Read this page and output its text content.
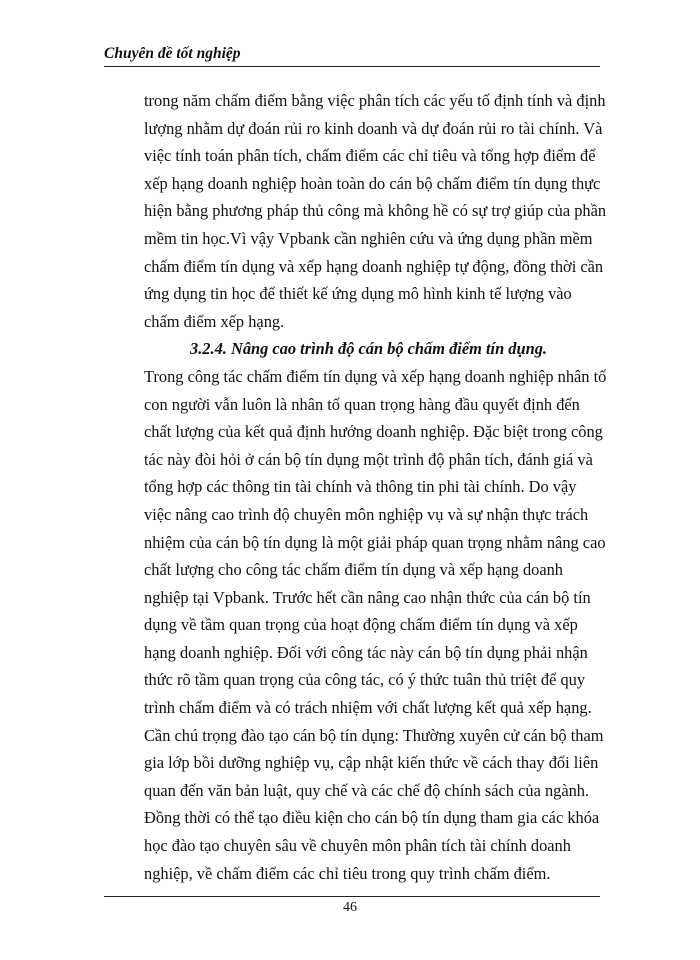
Chuyên đề tốt nghiệp
trong năm chấm điểm bằng việc phân tích các yếu tố định tính và định
lượng nhằm dự đoán rủi ro kinh doanh và dự đoán rủi ro tài chính. Và
việc tính toán phân tích, chấm điểm các chỉ tiêu và tổng hợp điểm để
xếp hạng doanh nghiệp hoàn toàn do cán bộ chấm điểm tín dụng thực
hiện bằng phương pháp thủ công mà không hề có sự trợ giúp của phần
mềm tin học.Vì vậy Vpbank cần nghiên cứu và ứng dụng phần mềm
chấm điểm tín dụng và xếp hạng doanh nghiệp tự động, đồng thời cần
ứng dụng tin học để thiết kế ứng dụng mô hình kinh tế lượng vào
chấm điểm xếp hạng.
3.2.4. Nâng cao trình độ cán bộ chấm điểm tín dụng.
Trong công tác chấm điểm tín dụng và xếp hạng doanh nghiệp nhân tố
con người vẫn luôn là nhân tố quan trọng hàng đầu quyết định đến
chất lượng của kết quả định hướng doanh nghiệp. Đặc biệt trong công
tác này đòi hỏi ở cán bộ tín dụng một trình độ phân tích, đánh giá và
tổng hợp các thông tin tài chính và thông tin phi tài chính. Do vậy
việc nâng cao trình độ chuyên môn nghiệp vụ và sự nhận thực trách
nhiệm của cán bộ tín dụng là một giải pháp quan trọng nhằm nâng cao
chất lượng cho công tác chấm điểm tín dụng và xếp hạng doanh
nghiệp tại Vpbank. Trước hết cần nâng cao nhận thức của cán bộ tín
dụng về tầm quan trọng của hoạt động chấm điểm tín dụng và xếp
hạng doanh nghiệp. Đối với công tác này cán bộ tín dụng phải nhận
thức rõ tầm quan trọng của công tác, có ý thức tuân thủ triệt để quy
trình chấm điểm và có trách nhiệm với chất lượng kết quả xếp hạng.
Cần chú trọng đào tạo cán bộ tín dụng: Thường xuyên cử cán bộ tham
gia lớp bồi dưỡng nghiệp vụ, cập nhật kiến thức về cách thay đổi liên
quan đến văn bản luật, quy chế và các chế độ chính sách của ngành.
Đồng thời có thể tạo điều kiện cho cán bộ tín dụng tham gia các khóa
học đào tạo chuyên sâu về chuyên môn phân tích tài chính doanh
nghiệp, về chấm điểm các chỉ tiêu trong quy trình chấm điểm.
46
